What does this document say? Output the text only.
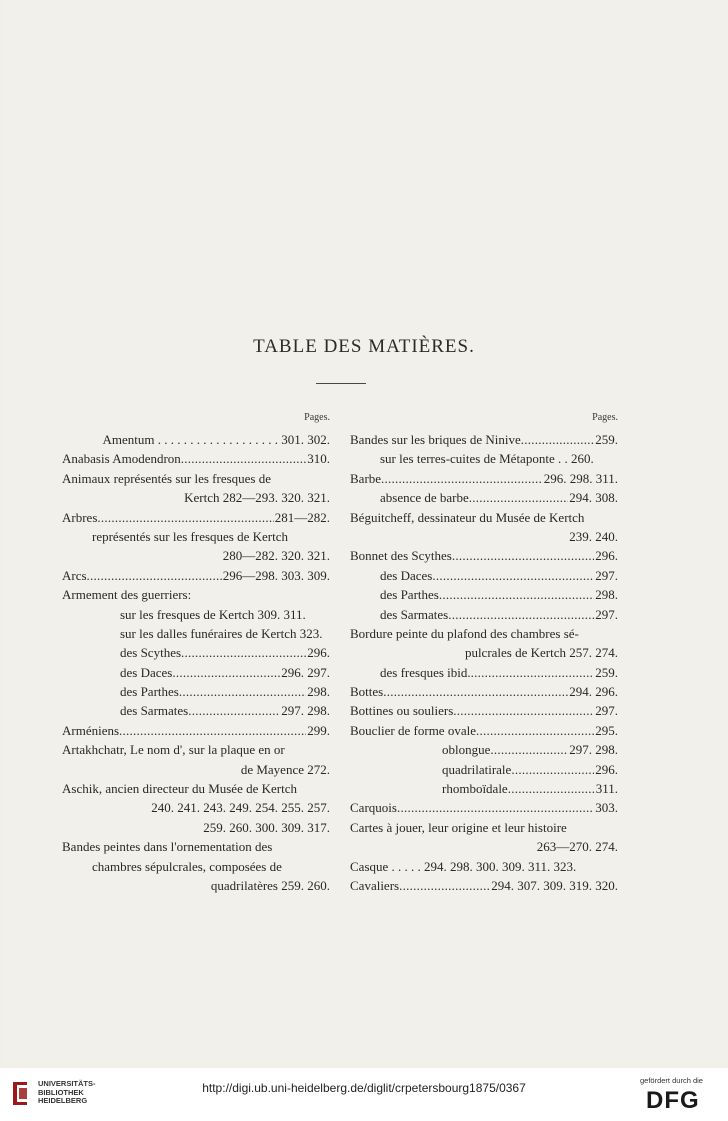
TABLE DES MATIÈRES.
Pages.
Amentum . . . . . . . . . . . . . . . . . . . 301. 302.
Anabasis Amodendron . . .	310.
Animaux représentés sur les fresques de
Kertch 282—293. 320. 321.
Arbres . . .	281—282.
représentés sur les fresques de Kertch
280—282. 320. 321.
Arcs . . .	296—298. 303. 309.
Armement des guerriers:
sur les fresques de Kertch 309. 311.
sur les dalles funéraires de Kertch 323.
des Scythes . . .	296.
des Daces . . .	296. 297.
des Parthes . . .	298.
des Sarmates . . .	297. 298.
Arméniens . . .	299.
Artakhchatr, Le nom d', sur la plaque en or
de Mayence 272.
Aschik, ancien directeur du Musée de Kertch
240. 241. 243. 249. 254. 255. 257.
259. 260. 300. 309. 317.
Bandes peintes dans l'ornementation des
chambres sépulcrales, composées de
quadrilatères 259. 260.
Pages.
Bandes sur les briques de Ninive . . .	259.
sur les terres-cuites de Métaponte . . 260.
Barbe . . .	296. 298. 311.
absence de barbe . . .	294. 308.
Béguitcheff, dessinateur du Musée de Kertch
239. 240.
Bonnet des Scythes . . .	296.
des Daces . . .	297.
des Parthes . . .	298.
des Sarmates . . .	297.
Bordure peinte du plafond des chambres sé-
pulcrales de Kertch 257. 274.
des fresques ibid. . . .	259.
Bottes . . .	294. 296.
Bottines ou souliers . . .	297.
Bouclier de forme ovale . . .	295.
oblongue . . .	297. 298.
quadrilatirale . . .	296.
rhomboïdale . . .	311.
Carquois . . .	303.
Cartes à jouer, leur origine et leur histoire
263—270. 274.
Casque . . . . . 294. 298. 300. 309. 311. 323.
Cavaliers . . .	294. 307. 309. 319. 320.
UNIVERSITÄTS-
BIBLIOTHEK
HEIDELBERG
http://digi.ub.uni-heidelberg.de/diglit/crpetersbourg1875/0367
gefördert durch die
DFG
